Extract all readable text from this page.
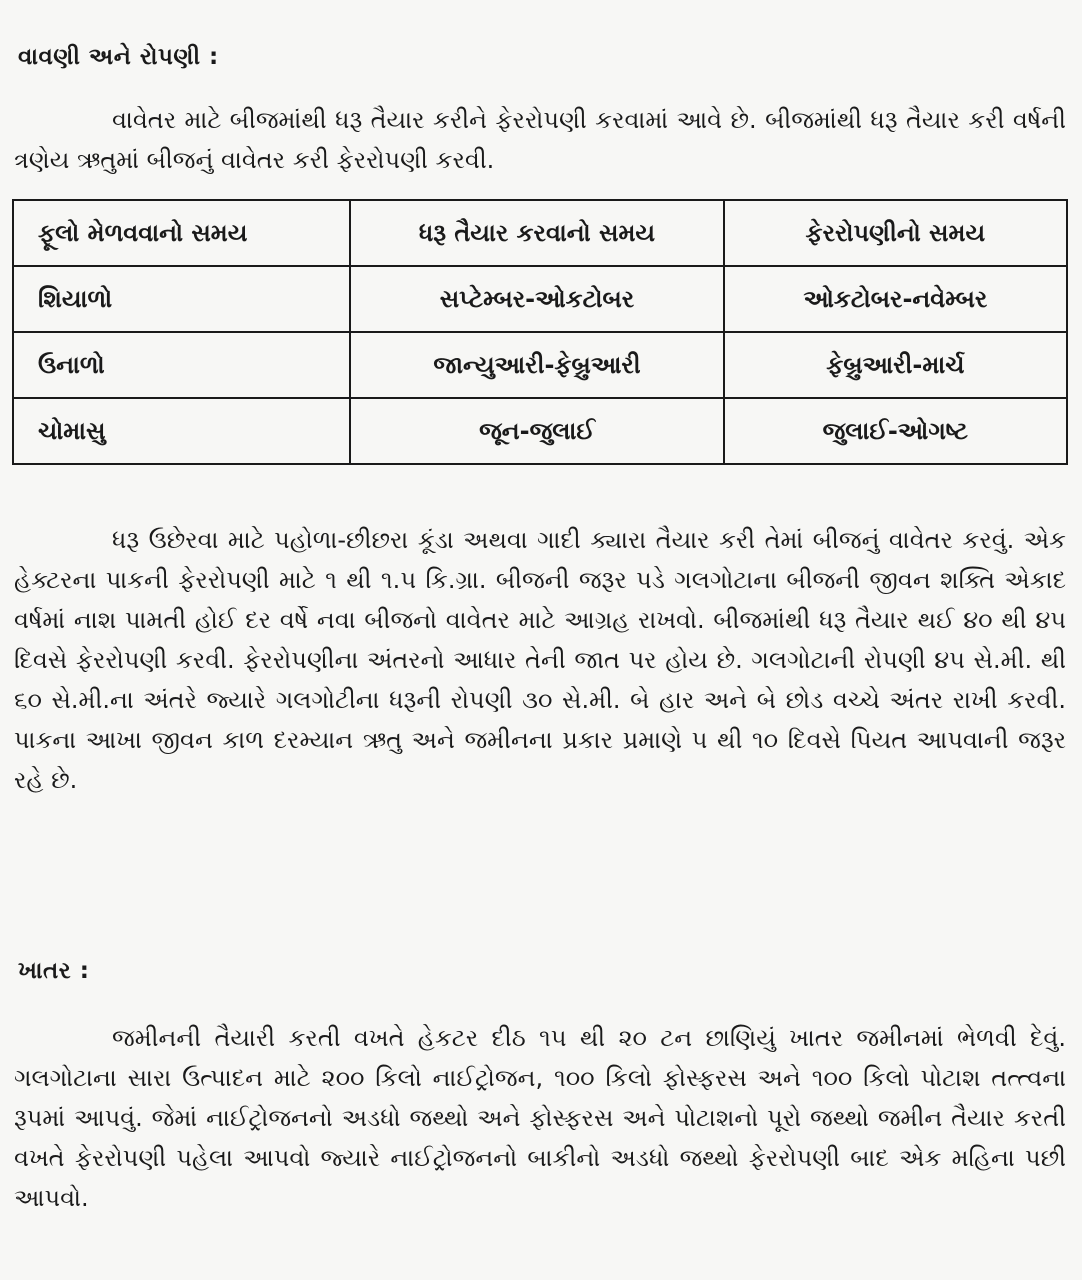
વાવણી અને રોપણી :

વાવેતર માટે બીજમાંથી ધરૂ તૈયાર કરીને ફેરરોપણી કરવામાં આવે છે. બીજમાંથી ધરૂ તૈયાર કરી વર્ષની ત્રણેય ઋતુમાં બીજનું વાવેતર કરી ફેરરોપણી કરવી.

ફૂલો મેળવવાનો સમય	ધરૂ તૈયાર કરવાનો સમય	ફેરરોપણીનો સમય
શિયાળો	સપ્ટેમ્બર-ઓકટોબર	ઓકટોબર-નવેમ્બર
ઉનાળો	જાન્યુઆરી-ફેબ્રુઆરી	ફેબ્રુઆરી-માર્ચ
ચોમાસુ	જૂન-જુલાઈ	જુલાઈ-ઓગષ્ટ

ધરૂ ઉછેરવા માટે પહોળા-છીછરા કૂંડા અથવા ગાદી ક્યારા તૈયાર કરી તેમાં બીજનું વાવેતર કરવું. એક હેક્ટરના પાકની ફેરરોપણી માટે ૧ થી ૧.૫ કિ.ગ્રા. બીજની જરૂર પડે ગલગોટાના બીજની જીવન શક્તિ એકાદ વર્ષમાં નાશ પામતી હોઈ દર વર્ષે નવા બીજનો વાવેતર માટે આગ્રહ રાખવો. બીજમાંથી ધરૂ તૈયાર થઈ ૪૦ થી ૪૫ દિવસે ફેરરોપણી કરવી. ફેરરોપણીના અંતરનો આધાર તેની જાત પર હોય છે. ગલગોટાની રોપણી ૪૫ સે.મી. થી ૬૦ સે.મી.ના અંતરે જ્યારે ગલગોટીના ધરૂની રોપણી ૩૦ સે.મી. બે હાર અને બે છોડ વચ્ચે અંતર રાખી કરવી. પાકના આખા જીવન કાળ દરમ્યાન ઋતુ અને જમીનના પ્રકાર પ્રમાણે ૫ થી ૧૦ દિવસે પિયત આપવાની જરૂર રહે છે.

ખાતર :

જમીનની તૈયારી કરતી વખતે હેકટર દીઠ ૧૫ થી ૨૦ ટન છાણિયું ખાતર જમીનમાં ભેળવી દેવું. ગલગોટાના સારા ઉત્પાદન માટે ૨૦૦ કિલો નાઈટ્રોજન, ૧૦૦ કિલો ફોસ્ફરસ અને ૧૦૦ કિલો પોટાશ તત્ત્વના રૂપમાં આપવું. જેમાં નાઈટ્રોજનનો અડધો જથ્થો અને ફોસ્ફરસ અને પોટાશનો પૂરો જથ્થો જમીન તૈયાર કરતી વખતે ફેરરોપણી પહેલા આપવો જ્યારે નાઈટ્રોજનનો બાકીનો અડધો જથ્થો ફેરરોપણી બાદ એક મહિના પછી આપવો.
